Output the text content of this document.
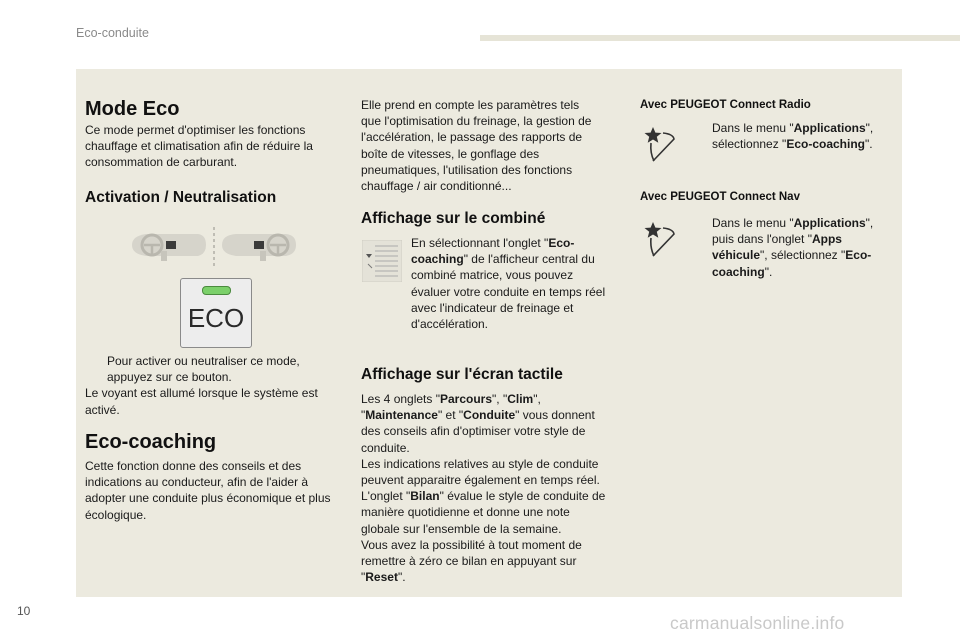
Eco-conduite
Mode Eco
Ce mode permet d'optimiser les fonctions chauffage et climatisation afin de réduire la consommation de carburant.
Activation / Neutralisation
ECO
Pour activer ou neutraliser ce mode,
appuyez sur ce bouton.
Le voyant est allumé lorsque le système est activé.
Eco-coaching
Cette fonction donne des conseils et des indications au conducteur, afin de l'aider à adopter une conduite plus économique et plus écologique.
Elle prend en compte les paramètres tels que l'optimisation du freinage, la gestion de l'accélération, le passage des rapports de boîte de vitesses, le gonflage des pneumatiques, l'utilisation des fonctions chauffage / air conditionné...
Affichage sur le combiné
En sélectionnant l'onglet "Eco-coaching" de l'afficheur central du combiné matrice, vous pouvez évaluer votre conduite en temps réel avec l'indicateur de freinage et d'accélération.
Affichage sur l'écran tactile
Les 4 onglets "Parcours", "Clim", "Maintenance" et "Conduite" vous donnent des conseils afin d'optimiser votre style de conduite.
Les indications relatives au style de conduite peuvent apparaitre également en temps réel.
L'onglet "Bilan" évalue le style de conduite de manière quotidienne et donne une note globale sur l'ensemble de la semaine.
Vous avez la possibilité à tout moment de remettre à zéro ce bilan en appuyant sur "Reset".
Avec PEUGEOT Connect Radio
Dans le menu "Applications", sélectionnez "Eco-coaching".
Avec PEUGEOT Connect Nav
Dans le menu "Applications", puis dans l'onglet "Apps véhicule", sélectionnez "Eco-coaching".
10
carmanualsonline.info
